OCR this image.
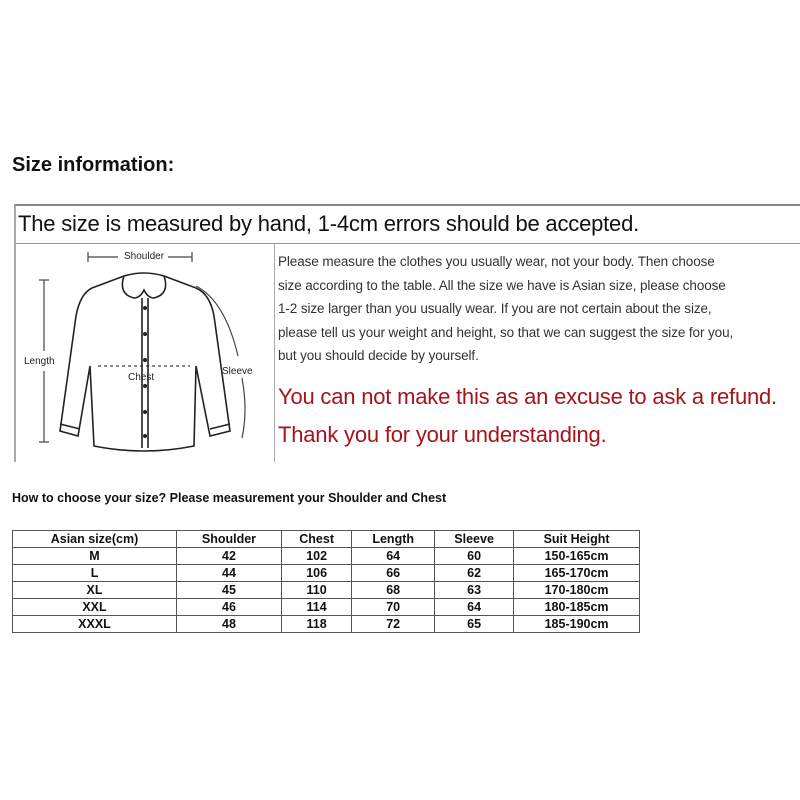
Size information:
The size is measured by hand, 1-4cm errors should be accepted.
Shoulder
Length
Chest
Sleeve
Please measure the clothes you usually wear, not your body. Then choose
size according to the table. All the size we have is Asian size, please choose
1-2 size larger than you usually wear. If you are not certain about the size,
please tell us your weight and height, so that we can suggest the size for you,
but you should decide by yourself.
You can not make this as an excuse to ask a refund.
Thank you for your understanding.
How to choose your size? Please measurement your Shoulder and Chest
Asian size(cm)	Shoulder	Chest	Length	Sleeve	Suit Height
M	42	102	64	60	150-165cm
L	44	106	66	62	165-170cm
XL	45	110	68	63	170-180cm
XXL	46	114	70	64	180-185cm
XXXL	48	118	72	65	185-190cm
